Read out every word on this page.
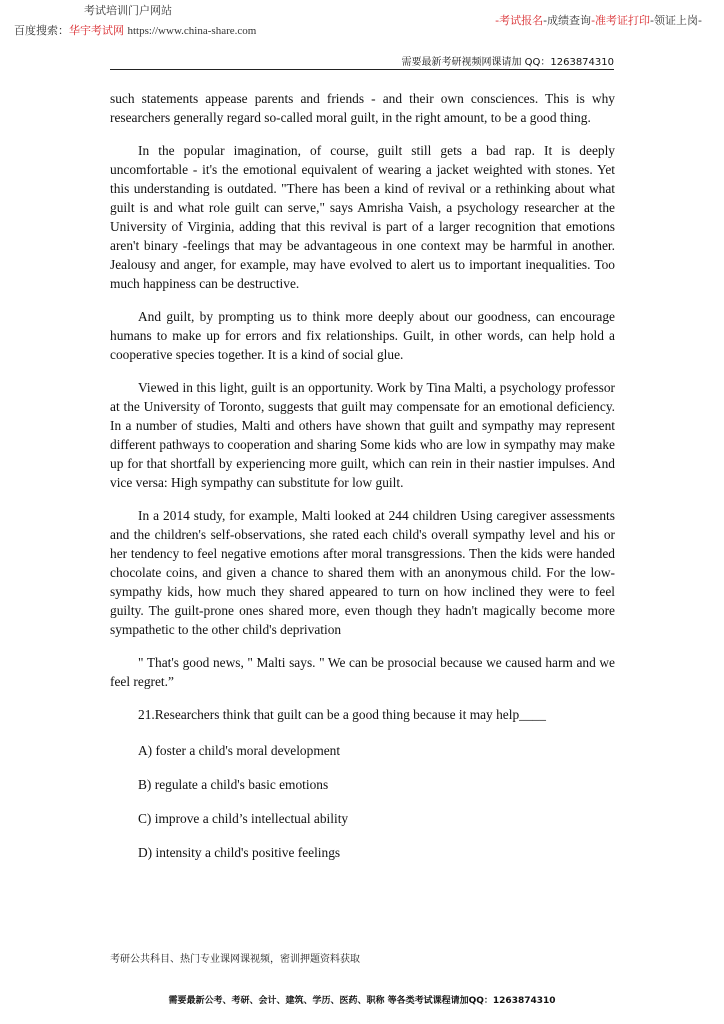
考试培训门户网站
百度搜索：华宇考试网 https://www.china-share.com
-考试报名-成绩查询-准考证打印-领证上岗-
需要最新考研视频网课请加 QQ：1263874310

such statements appease parents and friends - and their own consciences. This is why researchers generally regard so-called moral guilt, in the right amount, to be a good thing.

In the popular imagination, of course, guilt still gets a bad rap. It is deeply uncomfortable - it's the emotional equivalent of wearing a jacket weighted with stones. Yet this understanding is outdated. "There has been a kind of revival or a rethinking about what guilt is and what role guilt can serve," says Amrisha Vaish, a psychology researcher at the University of Virginia, adding that this revival is part of a larger recognition that emotions aren't binary -feelings that may be advantageous in one context may be harmful in another. Jealousy and anger, for example, may have evolved to alert us to important inequalities. Too much happiness can be destructive.

And guilt, by prompting us to think more deeply about our goodness, can encourage humans to make up for errors and fix relationships. Guilt, in other words, can help hold a cooperative species together. It is a kind of social glue.

Viewed in this light, guilt is an opportunity. Work by Tina Malti, a psychology professor at the University of Toronto, suggests that guilt may compensate for an emotional deficiency. In a number of studies, Malti and others have shown that guilt and sympathy may represent different pathways to cooperation and sharing Some kids who are low in sympathy may make up for that shortfall by experiencing more guilt, which can rein in their nastier impulses. And vice versa: High sympathy can substitute for low guilt.

In a 2014 study, for example, Malti looked at 244 children Using caregiver assessments and the children's self-observations, she rated each child's overall sympathy level and his or her tendency to feel negative emotions after moral transgressions. Then the kids were handed chocolate coins, and given a chance to shared them with an anonymous child. For the low-sympathy kids, how much they shared appeared to turn on how inclined they were to feel guilty. The guilt-prone ones shared more, even though they hadn't magically become more sympathetic to the other child's deprivation

" That's good news, " Malti says. " We can be prosocial because we caused harm and we feel regret.”

21.Researchers think that guilt can be a good thing because it may help____

A) foster a child's moral development

B) regulate a child's basic emotions

C) improve a child’s intellectual ability

D) intensity a child's positive feelings

考研公共科目、热门专业课网课视频，密训押题资料获取
需要最新公考、考研、会计、建筑、学历、医药、职称 等各类考试课程请加QQ：1263874310
